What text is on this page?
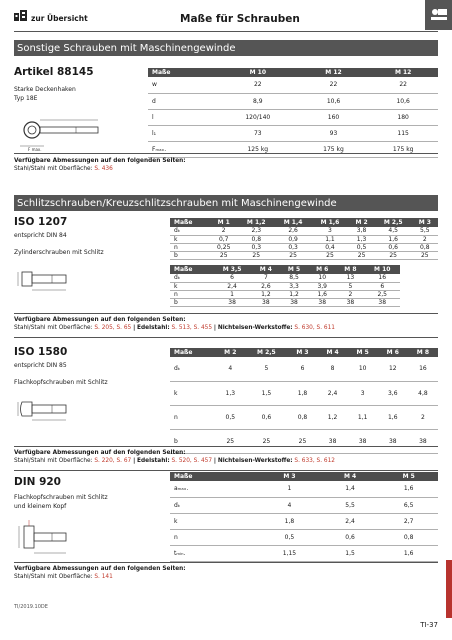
zur Übersicht	Maße für Schrauben
Sonstige Schrauben mit Maschinengewinde
Artikel 88145
Starke Deckenhaken
Typ 18E
F max.
Maße	M 10	M 12	M 12
w	22	22	22
d	8,9	10,6	10,6
l	120/140	160	180
l₁	73	93	115
Fₘₐₓ.	125 kg	175 kg	175 kg
Verfügbare Abmessungen auf den folgenden Seiten:
Stahl/Stahl mit Oberfläche: S. 436
Schlitzschrauben/Kreuzschlitzschrauben mit Maschinengewinde
ISO 1207
entspricht DIN 84

Zylinderschrauben mit Schlitz
Maße	M 1	M 1,2	M 1,4	M 1,6	M 2	M 2,5	M 3
dₖ	2	2,3	2,6	3	3,8	4,5	5,5
k	0,7	0,8	0,9	1,1	1,3	1,6	2
n	0,25	0,3	0,3	0,4	0,5	0,6	0,8
b	25	25	25	25	25	25	25
Maße	M 3,5	M 4	M 5	M 6	M 8	M 10
dₖ	6	7	8,5	10	13	16
k	2,4	2,6	3,3	3,9	5	6
n	1	1,2	1,2	1,6	2	2,5
b	38	38	38	38	38	38
Verfügbare Abmessungen auf den folgenden Seiten:
Stahl/Stahl mit Oberfläche: S. 205, S. 65 | Edelstahl: S. 513, S. 455 | Nichteisen-Werkstoffe: S. 630, S. 611
ISO 1580
entspricht DIN 85

Flachkopfschrauben mit Schlitz
Maße	M 2	M 2,5	M 3	M 4	M 5	M 6	M 8
dₖ	4	5	6	8	10	12	16
k	1,3	1,5	1,8	2,4	3	3,6	4,8
n	0,5	0,6	0,8	1,2	1,1	1,6	2
b	25	25	25	38	38	38	38
Verfügbare Abmessungen auf den folgenden Seiten:
Stahl/Stahl mit Oberfläche: S. 220, S. 67 | Edelstahl: S. 520, S. 457 | Nichteisen-Werkstoffe: S. 633, S. 612
DIN 920
Flachkopfschrauben mit Schlitz
und kleinem Kopf
Maße	M 3	M 4	M 5
aₘₐₓ.	1	1,4	1,6
dₖ	4	5,5	6,5
k	1,8	2,4	2,7
n	0,5	0,6	0,8
tₘᵢₙ.	1,15	1,5	1,6
Verfügbare Abmessungen auf den folgenden Seiten:
Stahl/Stahl mit Oberfläche: S. 141
TI/2019.10DE
TI-37
